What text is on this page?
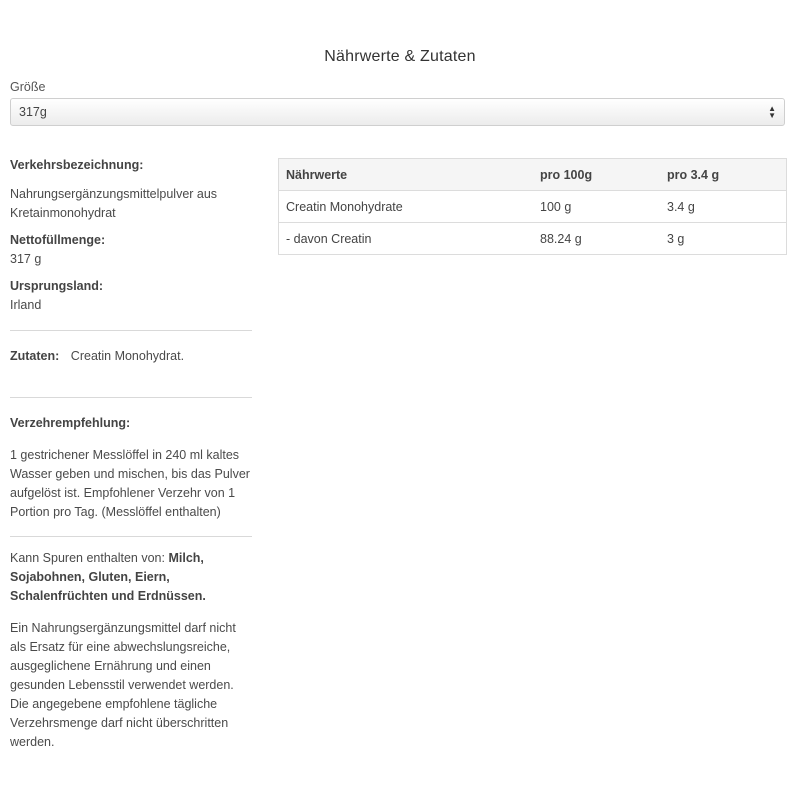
Nährwerte & Zutaten
Größe
317g	▲
▼
Verkehrsbezeichnung:
Nahrungsergänzungsmittelpulver aus Kretainmonohydrat
Nettofüllmenge:
317 g
Ursprungsland:
Irland
Zutaten: Creatin Monohydrat.
Verzehrempfehlung:
1 gestrichener Messlöffel in 240 ml kaltes Wasser geben und mischen, bis das Pulver aufgelöst ist. Empfohlener Verzehr von 1 Portion pro Tag. (Messlöffel enthalten)
Kann Spuren enthalten von: Milch, Sojabohnen, Gluten, Eiern, Schalenfrüchten und Erdnüssen.
Ein Nahrungsergänzungsmittel darf nicht als Ersatz für eine abwechslungsreiche, ausgeglichene Ernährung und einen gesunden Lebensstil verwendet werden. Die angegebene empfohlene tägliche Verzehrsmenge darf nicht überschritten werden.
Nährwerte	pro 100g	pro 3.4 g
Creatin Monohydrate	100 g	3.4 g
- davon Creatin	88.24 g	3 g
